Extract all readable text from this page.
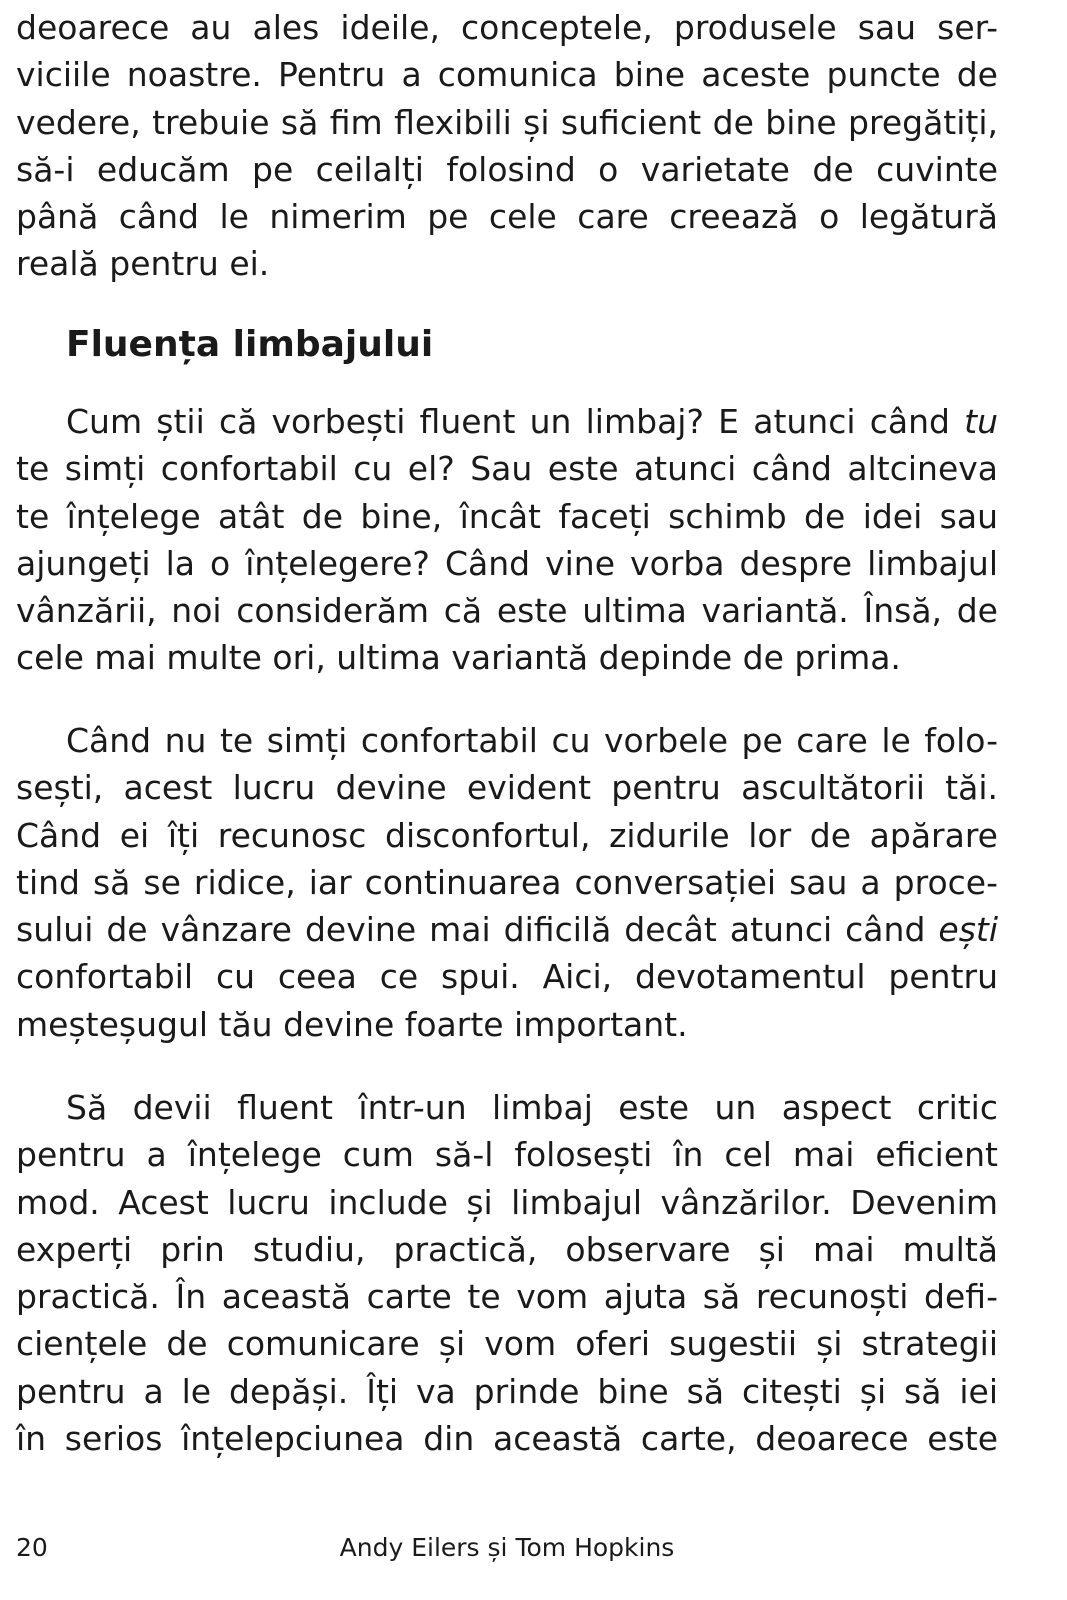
deoarece au ales ideile, conceptele, produsele sau ser-
viciile noastre. Pentru a comunica bine aceste puncte de
vedere, trebuie să fim flexibili și suficient de bine pregătiți,
să-i educăm pe ceilalți folosind o varietate de cuvinte
până când le nimerim pe cele care creează o legătură
reală pentru ei.
Fluența limbajului
Cum știi că vorbești fluent un limbaj? E atunci când tu
te simți confortabil cu el? Sau este atunci când altcineva
te înțelege atât de bine, încât faceți schimb de idei sau
ajungeți la o înțelegere? Când vine vorba despre limbajul
vânzării, noi considerăm că este ultima variantă. Însă, de
cele mai multe ori, ultima variantă depinde de prima.
Când nu te simți confortabil cu vorbele pe care le folo-
sești, acest lucru devine evident pentru ascultătorii tăi.
Când ei îți recunosc disconfortul, zidurile lor de apărare
tind să se ridice, iar continuarea conversației sau a proce-
sului de vânzare devine mai dificilă decât atunci când ești
confortabil cu ceea ce spui. Aici, devotamentul pentru
meșteșugul tău devine foarte important.
Să devii fluent într-un limbaj este un aspect critic
pentru a înțelege cum să-l folosești în cel mai eficient
mod. Acest lucru include și limbajul vânzărilor. Devenim
experți prin studiu, practică, observare și mai multă
practică. În această carte te vom ajuta să recunoști defi-
ciențele de comunicare și vom oferi sugestii și strategii
pentru a le depăși. Îți va prinde bine să citești și să iei
în serios înțelepciunea din această carte, deoarece este
20	Andy Eilers și Tom Hopkins
